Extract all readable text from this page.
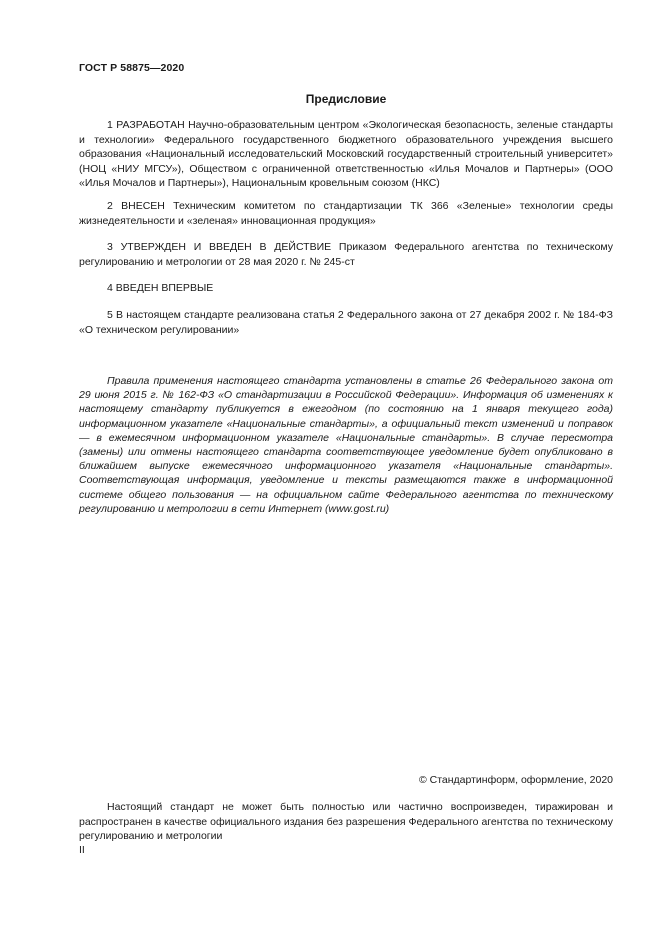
ГОСТ Р 58875—2020
Предисловие

1 РАЗРАБОТАН Научно-образовательным центром «Экологическая безопасность, зеленые стандарты и технологии» Федерального государственного бюджетного образовательного учреждения высшего образования «Национальный исследовательский Московский государственный строительный университет» (НОЦ «НИУ МГСУ»), Обществом с ограниченной ответственностью «Илья Мочалов и Партнеры» (ООО «Илья Мочалов и Партнеры»), Национальным кровельным союзом (НКС)

2 ВНЕСЕН Техническим комитетом по стандартизации ТК 366 «Зеленые» технологии среды жизнедеятельности и «зеленая» инновационная продукция»

3 УТВЕРЖДЕН И ВВЕДЕН В ДЕЙСТВИЕ Приказом Федерального агентства по техническому регулированию и метрологии от 28 мая 2020 г. № 245-ст

4 ВВЕДЕН ВПЕРВЫЕ

5 В настоящем стандарте реализована статья 2 Федерального закона от 27 декабря 2002 г. № 184-ФЗ «О техническом регулировании»

Правила применения настоящего стандарта установлены в статье 26 Федерального закона от 29 июня 2015 г. № 162-ФЗ «О стандартизации в Российской Федерации». Информация об изменениях к настоящему стандарту публикуется в ежегодном (по состоянию на 1 января текущего года) информационном указателе «Национальные стандарты», а официальный текст изменений и поправок — в ежемесячном информационном указателе «Национальные стандарты». В случае пересмотра (замены) или отмены настоящего стандарта соответствующее уведомление будет опубликовано в ближайшем выпуске ежемесячного информационного указателя «Национальные стандарты». Соответствующая информация, уведомление и тексты размещаются также в информационной системе общего пользования — на официальном сайте Федерального агентства по техническому регулированию и метрологии в сети Интернет (www.gost.ru)

© Стандартинформ, оформление, 2020

Настоящий стандарт не может быть полностью или частично воспроизведен, тиражирован и распространен в качестве официального издания без разрешения Федерального агентства по техническому регулированию и метрологии

II
